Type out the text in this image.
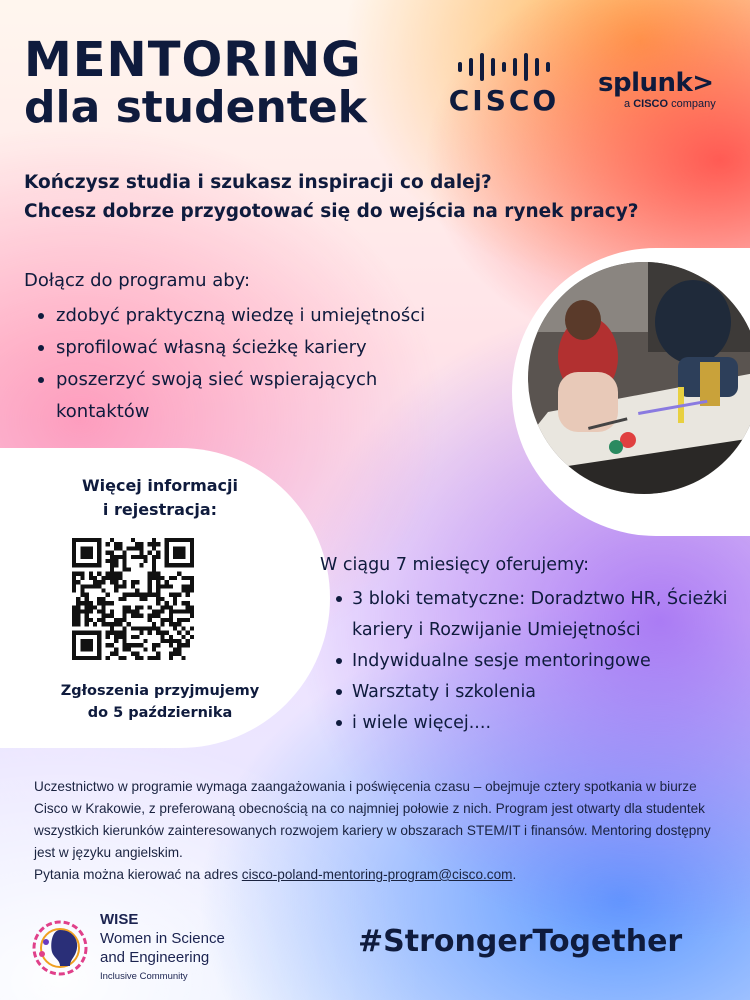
MENTORING
dla studentek	CISCO
splunk>
a CISCO company
Kończysz studia i szukasz inspiracji co dalej?
Chcesz dobrze przygotować się do wejścia na rynek pracy?
Dołącz do programu aby:
zdobyć praktyczną wiedzę i umiejętności
sprofilować własną ścieżkę kariery
poszerzyć swoją sieć wspierających kontaktów
Więcej informacji
i rejestracja:
Zgłoszenia przyjmujemy
do 5 października
W ciągu 7 miesięcy oferujemy:
3 bloki tematyczne: Doradztwo HR, Ścieżki kariery i Rozwijanie Umiejętności
Indywidualne sesje mentoringowe
Warsztaty i szkolenia
i wiele więcej....
Uczestnictwo w programie wymaga zaangażowania i poświęcenia czasu – obejmuje cztery spotkania w biurze Cisco w Krakowie, z preferowaną obecnością na co najmniej połowie z nich. Program jest otwarty dla studentek wszystkich kierunków zainteresowanych rozwojem kariery w obszarach STEM/IT i finansów. Mentoring dostępny jest w języku angielskim.
Pytania można kierować na adres cisco-poland-mentoring-program@cisco.com.
WISE
Women in Science
and Engineering
Inclusive Community
#StrongerTogether
